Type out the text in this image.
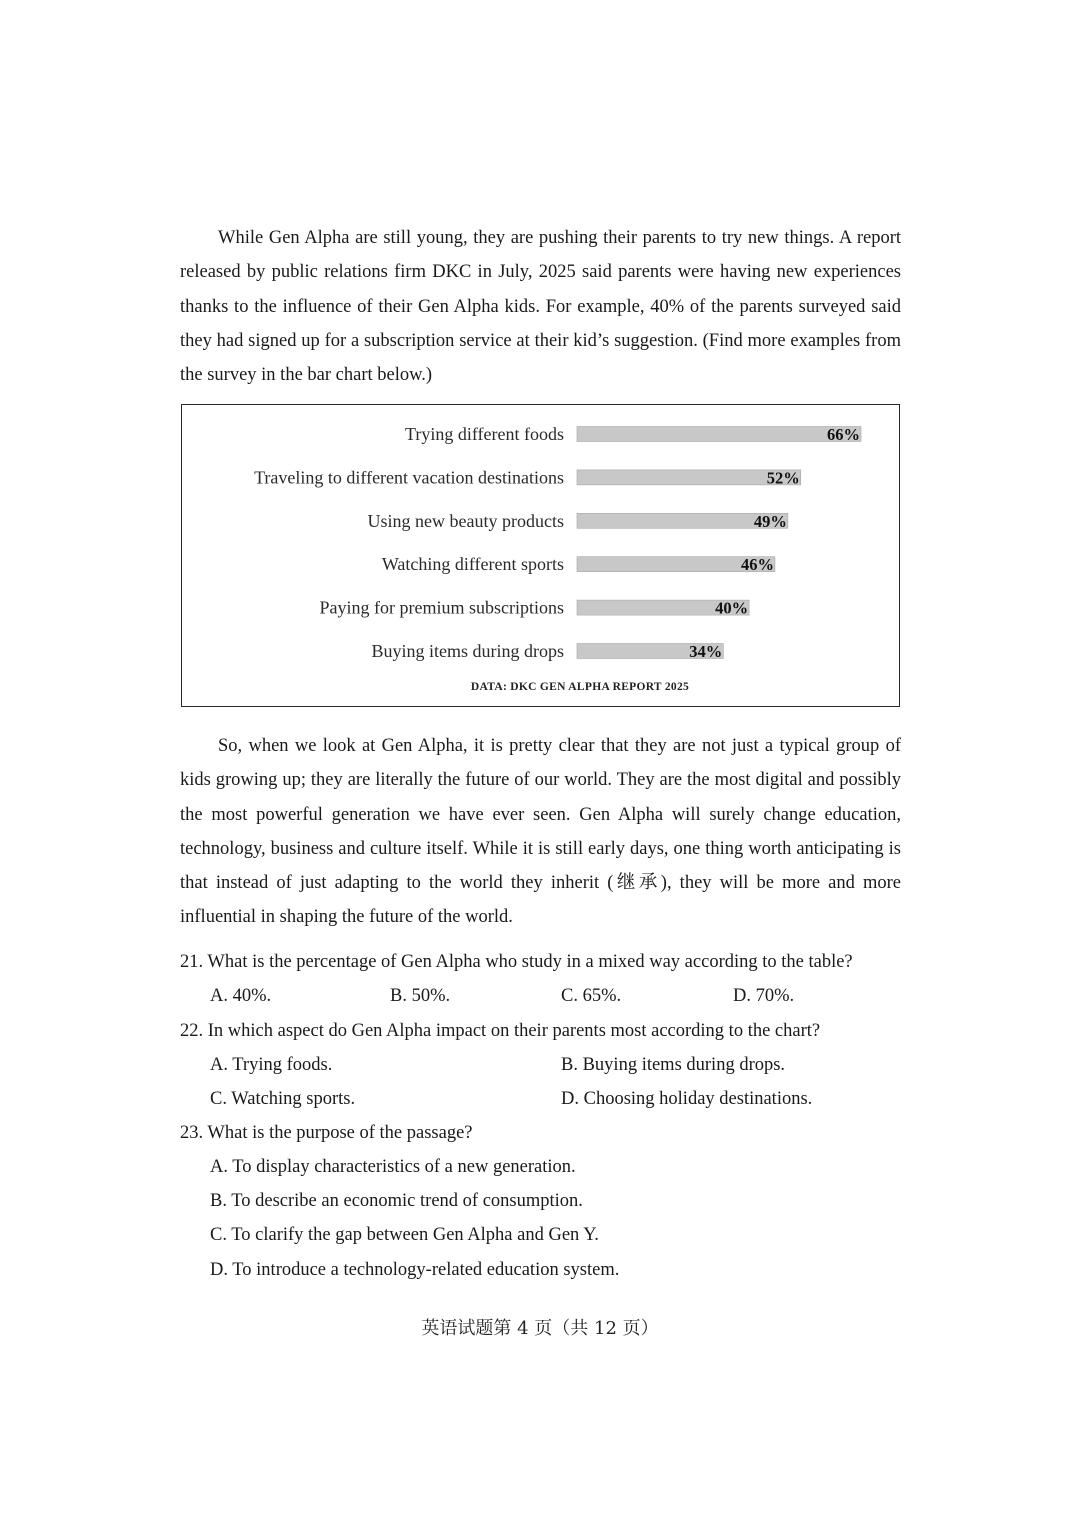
While Gen Alpha are still young, they are pushing their parents to try new things. A report released by public relations firm DKC in July, 2025 said parents were having new experiences thanks to the influence of their Gen Alpha kids. For example, 40% of the parents surveyed said they had signed up for a subscription service at their kid’s suggestion. (Find more examples from the survey in the bar chart below.)

Trying different foods	66%
Traveling to different vacation destinations	52%
Using new beauty products	49%
Watching different sports	46%
Paying for premium subscriptions	40%
Buying items during drops	34%
DATA: DKC GEN ALPHA REPORT 2025

So, when we look at Gen Alpha, it is pretty clear that they are not just a typical group of kids growing up; they are literally the future of our world. They are the most digital and possibly the most powerful generation we have ever seen. Gen Alpha will surely change education, technology, business and culture itself. While it is still early days, one thing worth anticipating is that instead of just adapting to the world they inherit (继承), they will be more and more influential in shaping the future of the world.

21. What is the percentage of Gen Alpha who study in a mixed way according to the table?

A. 40%.	B. 50%.	C. 65%.	D. 70%.

22. In which aspect do Gen Alpha impact on their parents most according to the chart?

A. Trying foods.	B. Buying items during drops.

C. Watching sports.	D. Choosing holiday destinations.

23. What is the purpose of the passage?

A. To display characteristics of a new generation.

B. To describe an economic trend of consumption.

C. To clarify the gap between Gen Alpha and Gen Y.

D. To introduce a technology-related education system.

英语试题第 4 页（共 12 页）
